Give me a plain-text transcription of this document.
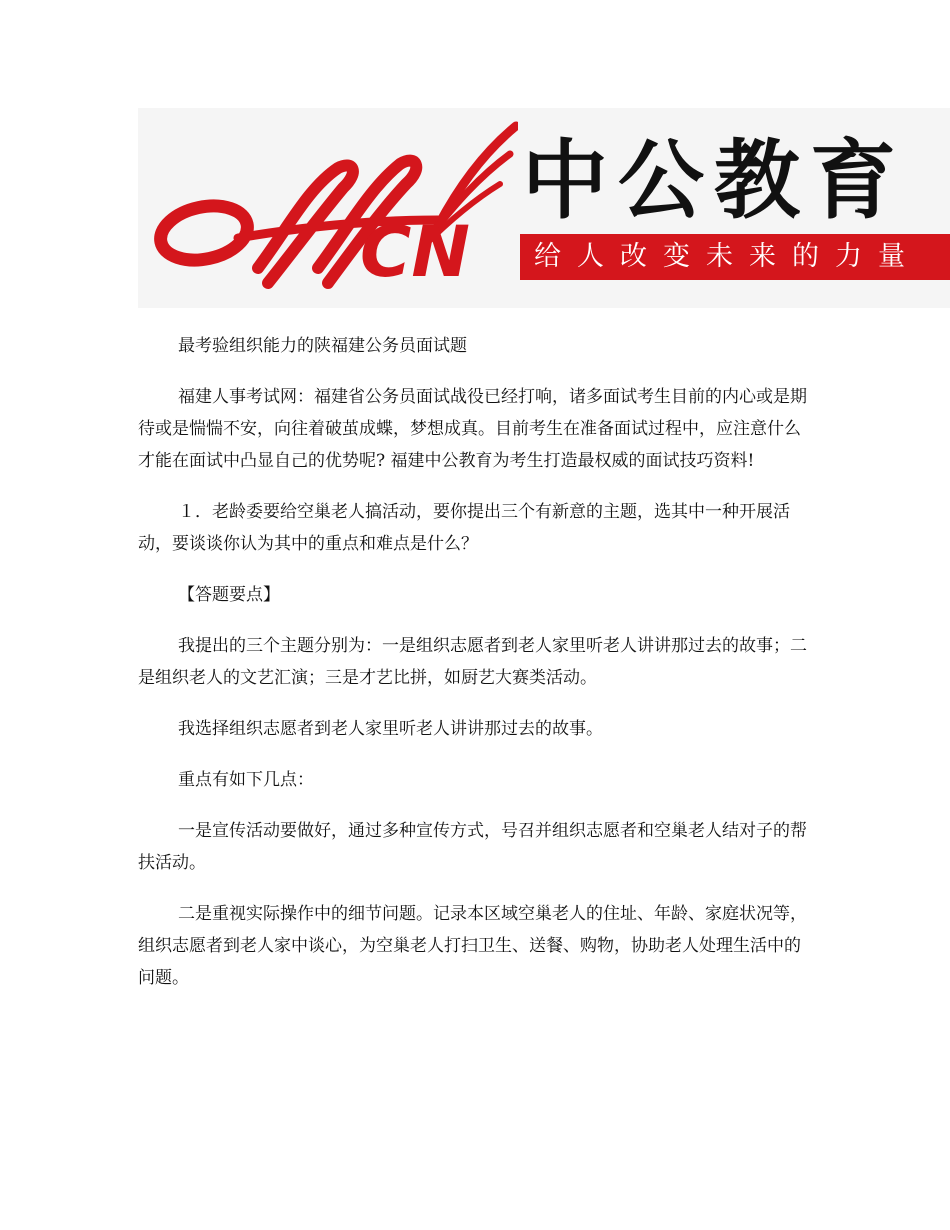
CN
中公教育
给人改变未来的力量

最考验组织能力的陕福建公务员面试题

福建人事考试网：福建省公务员面试战役已经打响，诸多面试考生目前的内心或是期待或是惴惴不安，向往着破茧成蝶，梦想成真。目前考生在准备面试过程中，应注意什么才能在面试中凸显自己的优势呢? 福建中公教育为考生打造最权威的面试技巧资料!

１．老龄委要给空巢老人搞活动，要你提出三个有新意的主题，选其中一种开展活动，要谈谈你认为其中的重点和难点是什么？

【答题要点】

我提出的三个主题分别为：一是组织志愿者到老人家里听老人讲讲那过去的故事；二是组织老人的文艺汇演；三是才艺比拼，如厨艺大赛类活动。

我选择组织志愿者到老人家里听老人讲讲那过去的故事。

重点有如下几点：

一是宣传活动要做好，通过多种宣传方式，号召并组织志愿者和空巢老人结对子的帮扶活动。

二是重视实际操作中的细节问题。记录本区域空巢老人的住址、年龄、家庭状况等，组织志愿者到老人家中谈心，为空巢老人打扫卫生、送餐、购物，协助老人处理生活中的问题。
